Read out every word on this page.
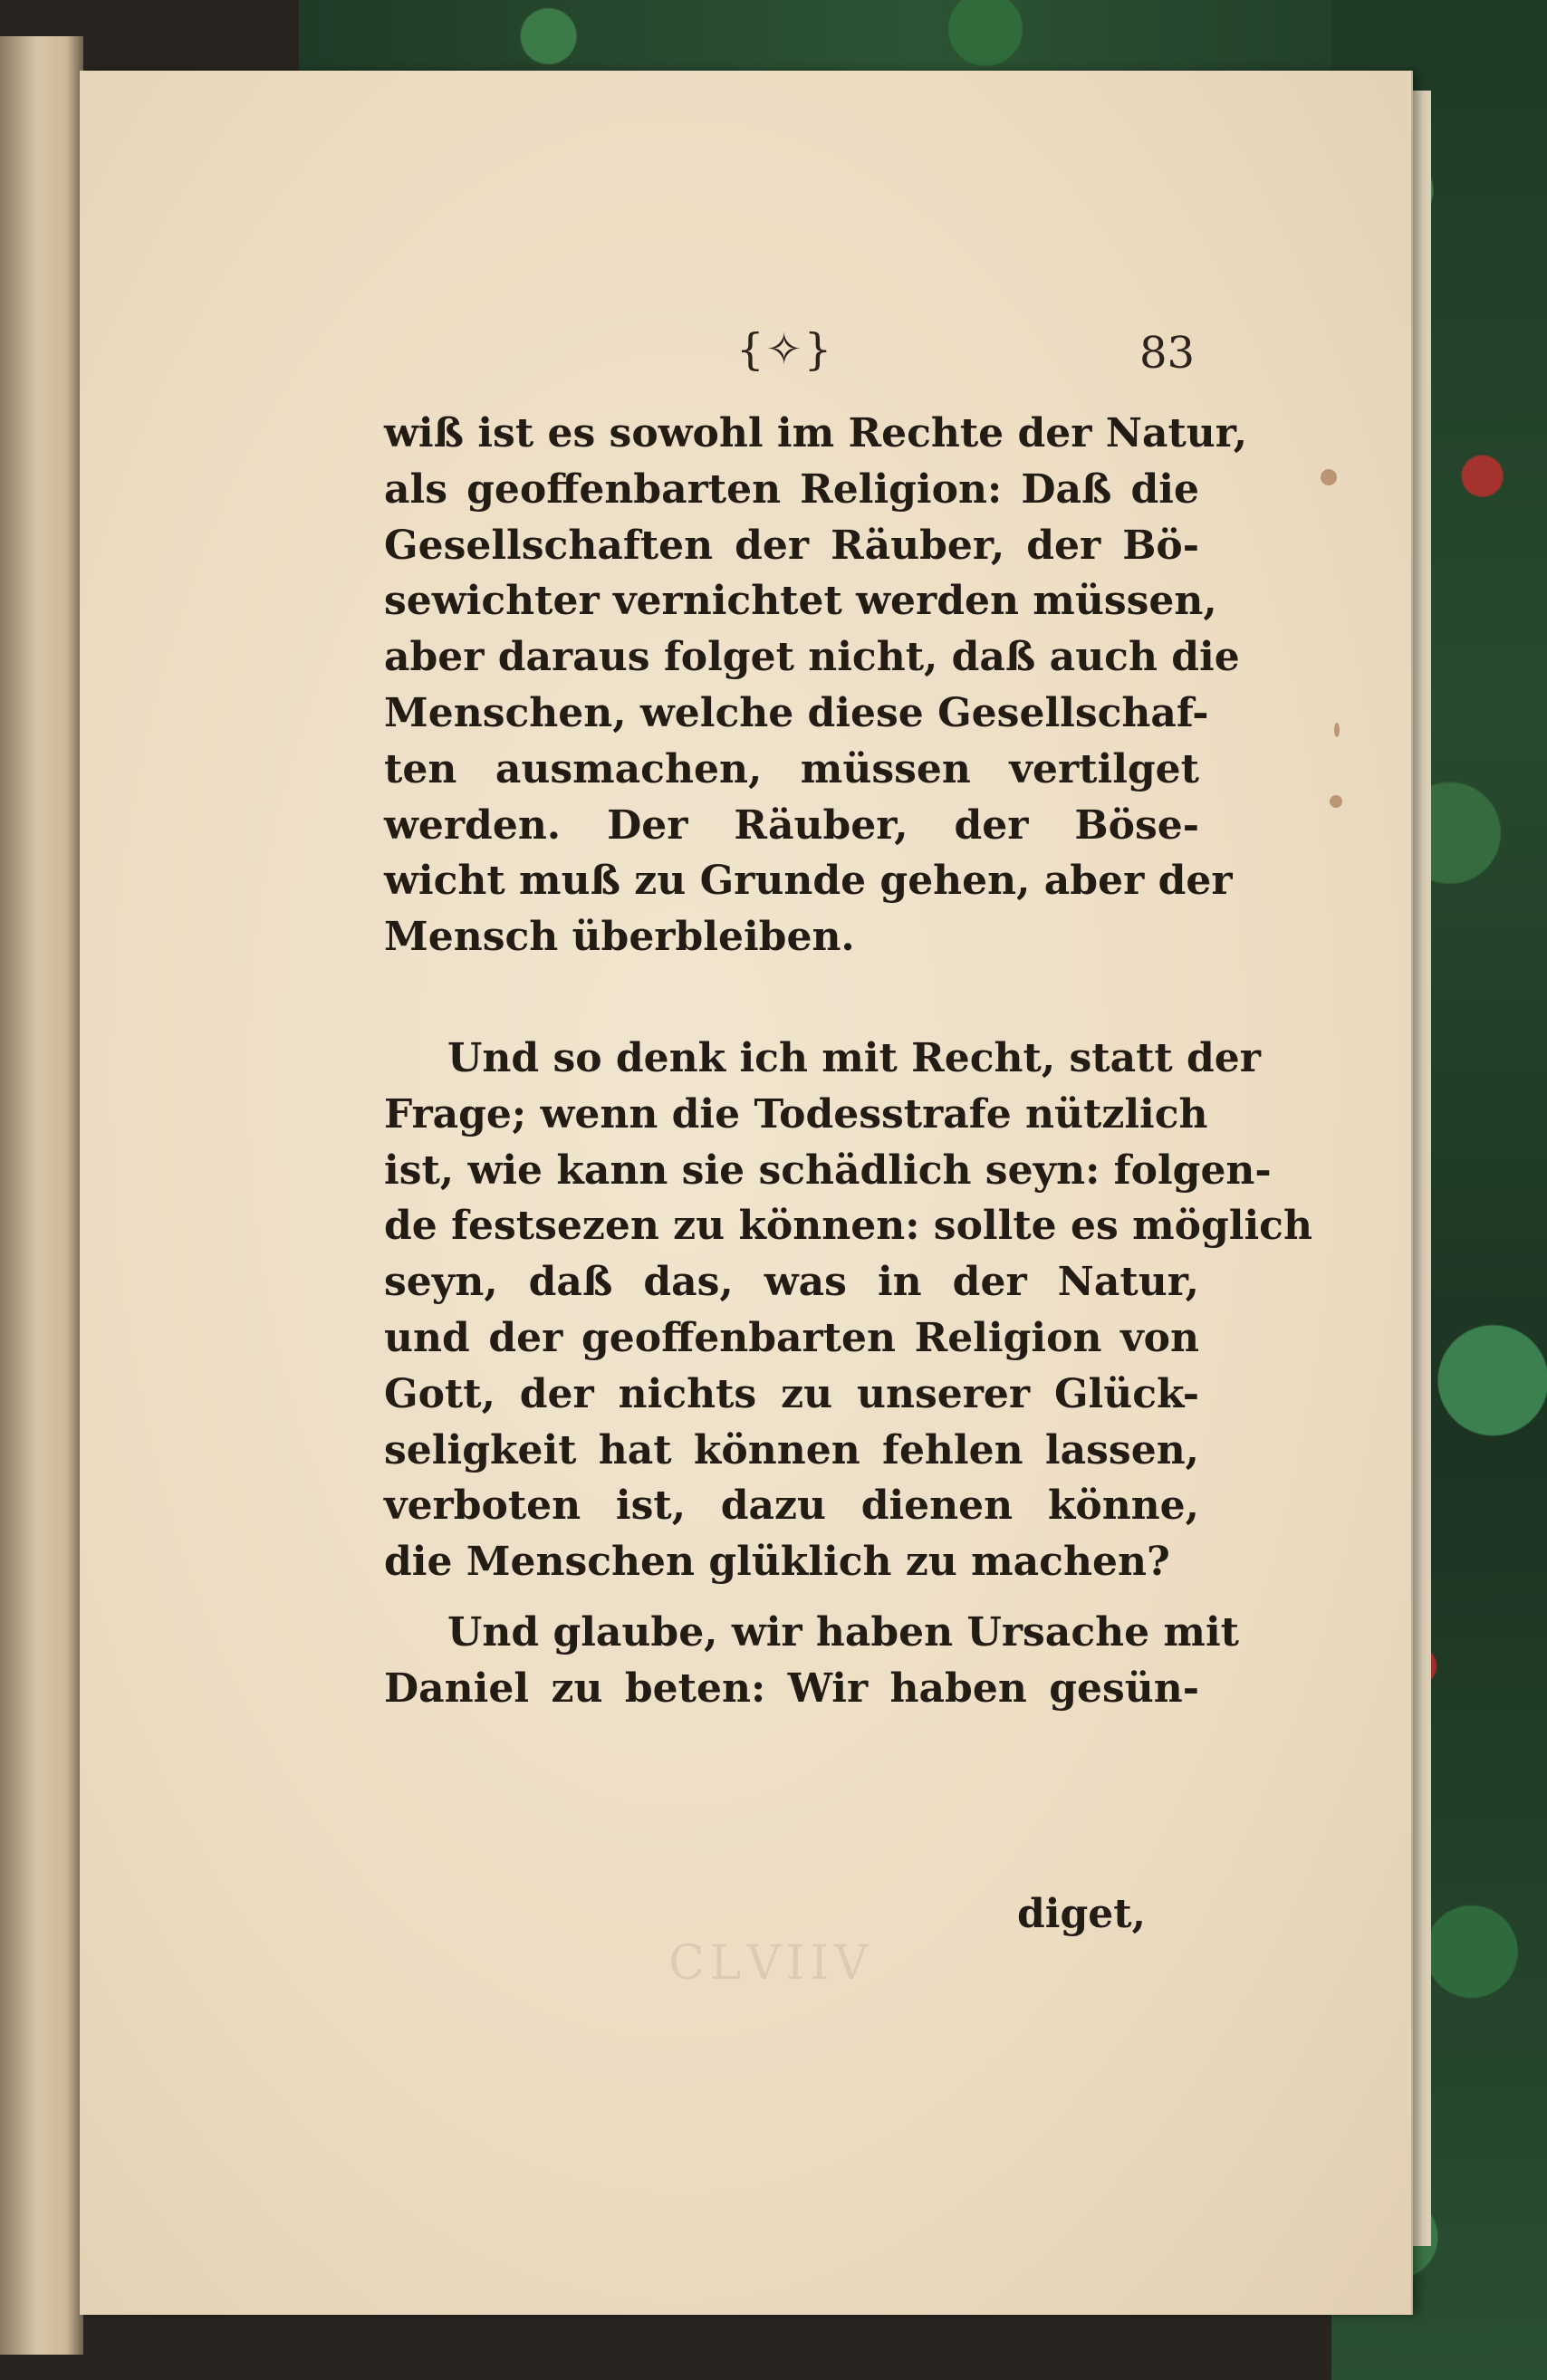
{✧}	83
wiß ist es sowohl im Rechte der Natur,
als geoffenbarten Religion: Daß die
Gesellschaften der Räuber, der Bö-
sewichter vernichtet werden müssen,
aber daraus folget nicht, daß auch die
Menschen, welche diese Gesellschaf-
ten ausmachen, müssen vertilget
werden. Der Räuber, der Böse-
wicht muß zu Grunde gehen, aber der
Mensch überbleiben.
Und so denk ich mit Recht, statt der
Frage; wenn die Todesstrafe nützlich
ist, wie kann sie schädlich seyn: folgen-
de festsezen zu können: sollte es möglich
seyn, daß das, was in der Natur,
und der geoffenbarten Religion von
Gott, der nichts zu unserer Glück-
seligkeit hat können fehlen lassen,
verboten ist, dazu dienen könne,
die Menschen glüklich zu machen?
Und glaube, wir haben Ursache mit
Daniel zu beten: Wir haben gesün-
diget,
ⅭⅬⅤⅠⅠⅤ
